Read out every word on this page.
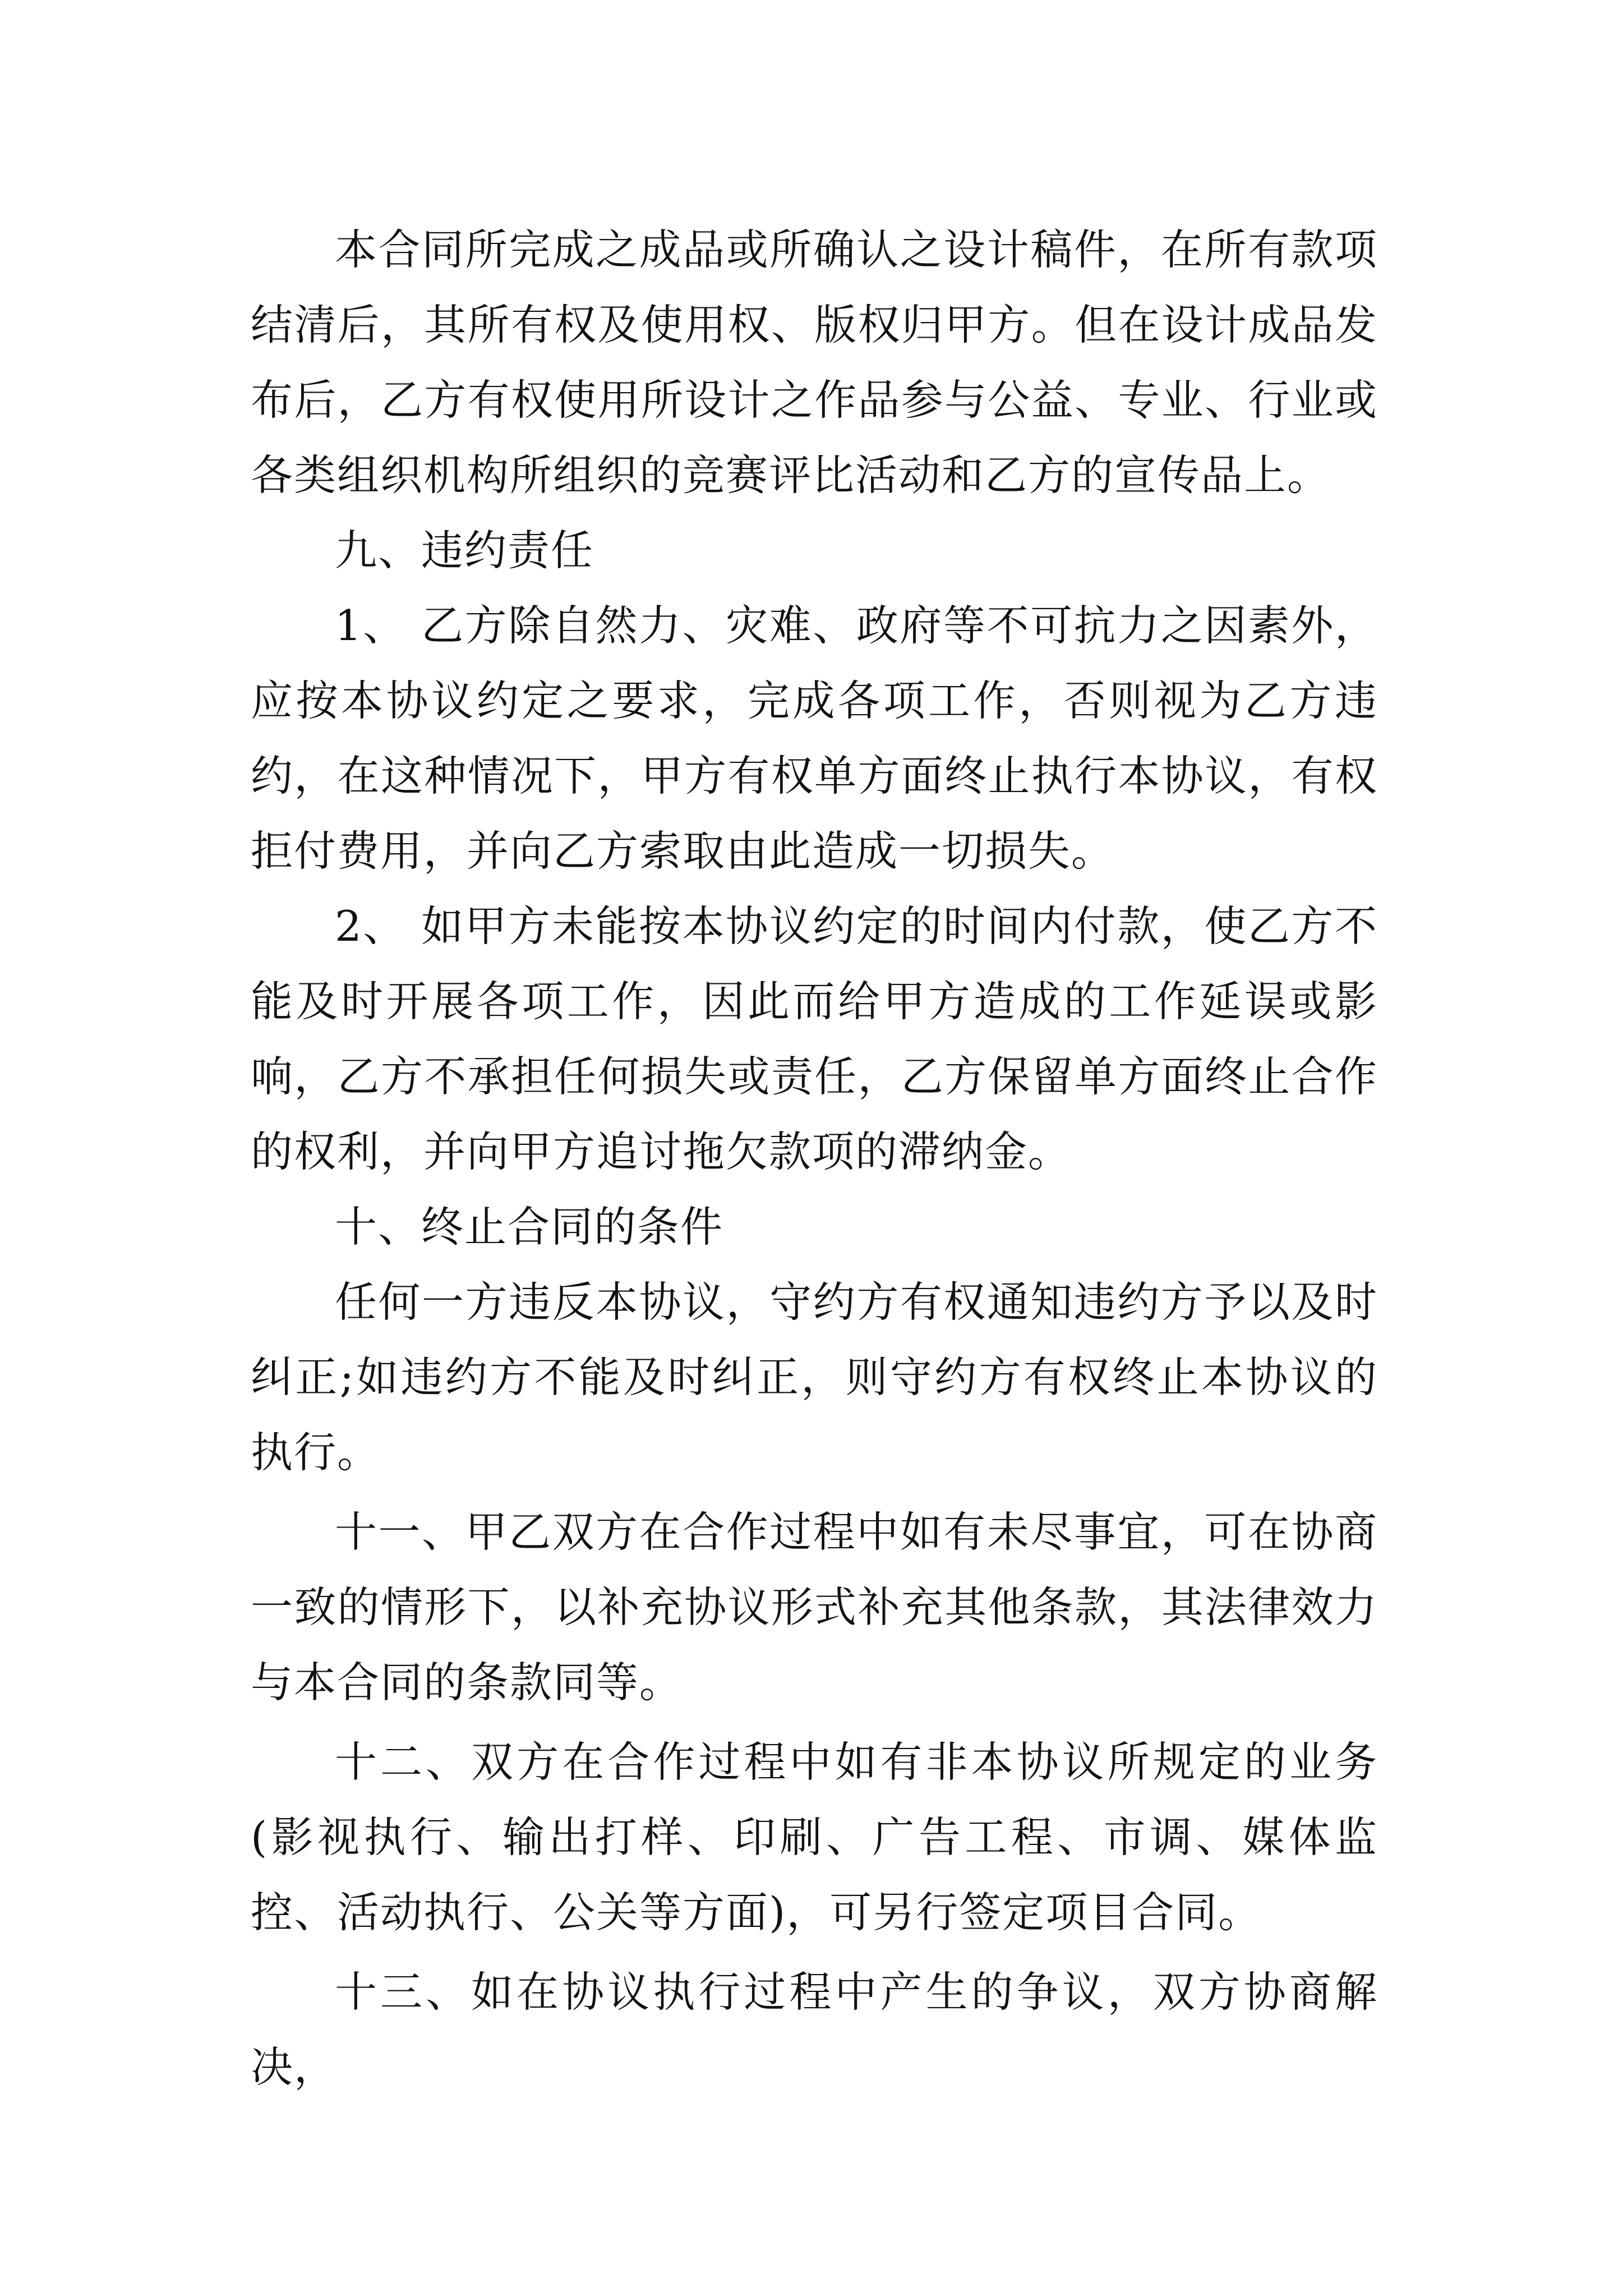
本合同所完成之成品或所确认之设计稿件，在所有款项结清后，其所有权及使用权、版权归甲方。但在设计成品发布后，乙方有权使用所设计之作品参与公益、专业、行业或各类组织机构所组织的竞赛评比活动和乙方的宣传品上。

九、违约责任

1、 乙方除自然力、灾难、政府等不可抗力之因素外，应按本协议约定之要求，完成各项工作，否则视为乙方违约，在这种情况下，甲方有权单方面终止执行本协议，有权拒付费用，并向乙方索取由此造成一切损失。

2、 如甲方未能按本协议约定的时间内付款，使乙方不能及时开展各项工作，因此而给甲方造成的工作延误或影响，乙方不承担任何损失或责任，乙方保留单方面终止合作的权利，并向甲方追讨拖欠款项的滞纳金。

十、终止合同的条件

任何一方违反本协议，守约方有权通知违约方予以及时纠正;如违约方不能及时纠正，则守约方有权终止本协议的执行。

十一、甲乙双方在合作过程中如有未尽事宜，可在协商一致的情形下，以补充协议形式补充其他条款，其法律效力与本合同的条款同等。

十二、双方在合作过程中如有非本协议所规定的业务(影视执行、输出打样、印刷、广告工程、市调、媒体监控、活动执行、公关等方面)，可另行签定项目合同。

十三、如在协议执行过程中产生的争议，双方协商解决，
